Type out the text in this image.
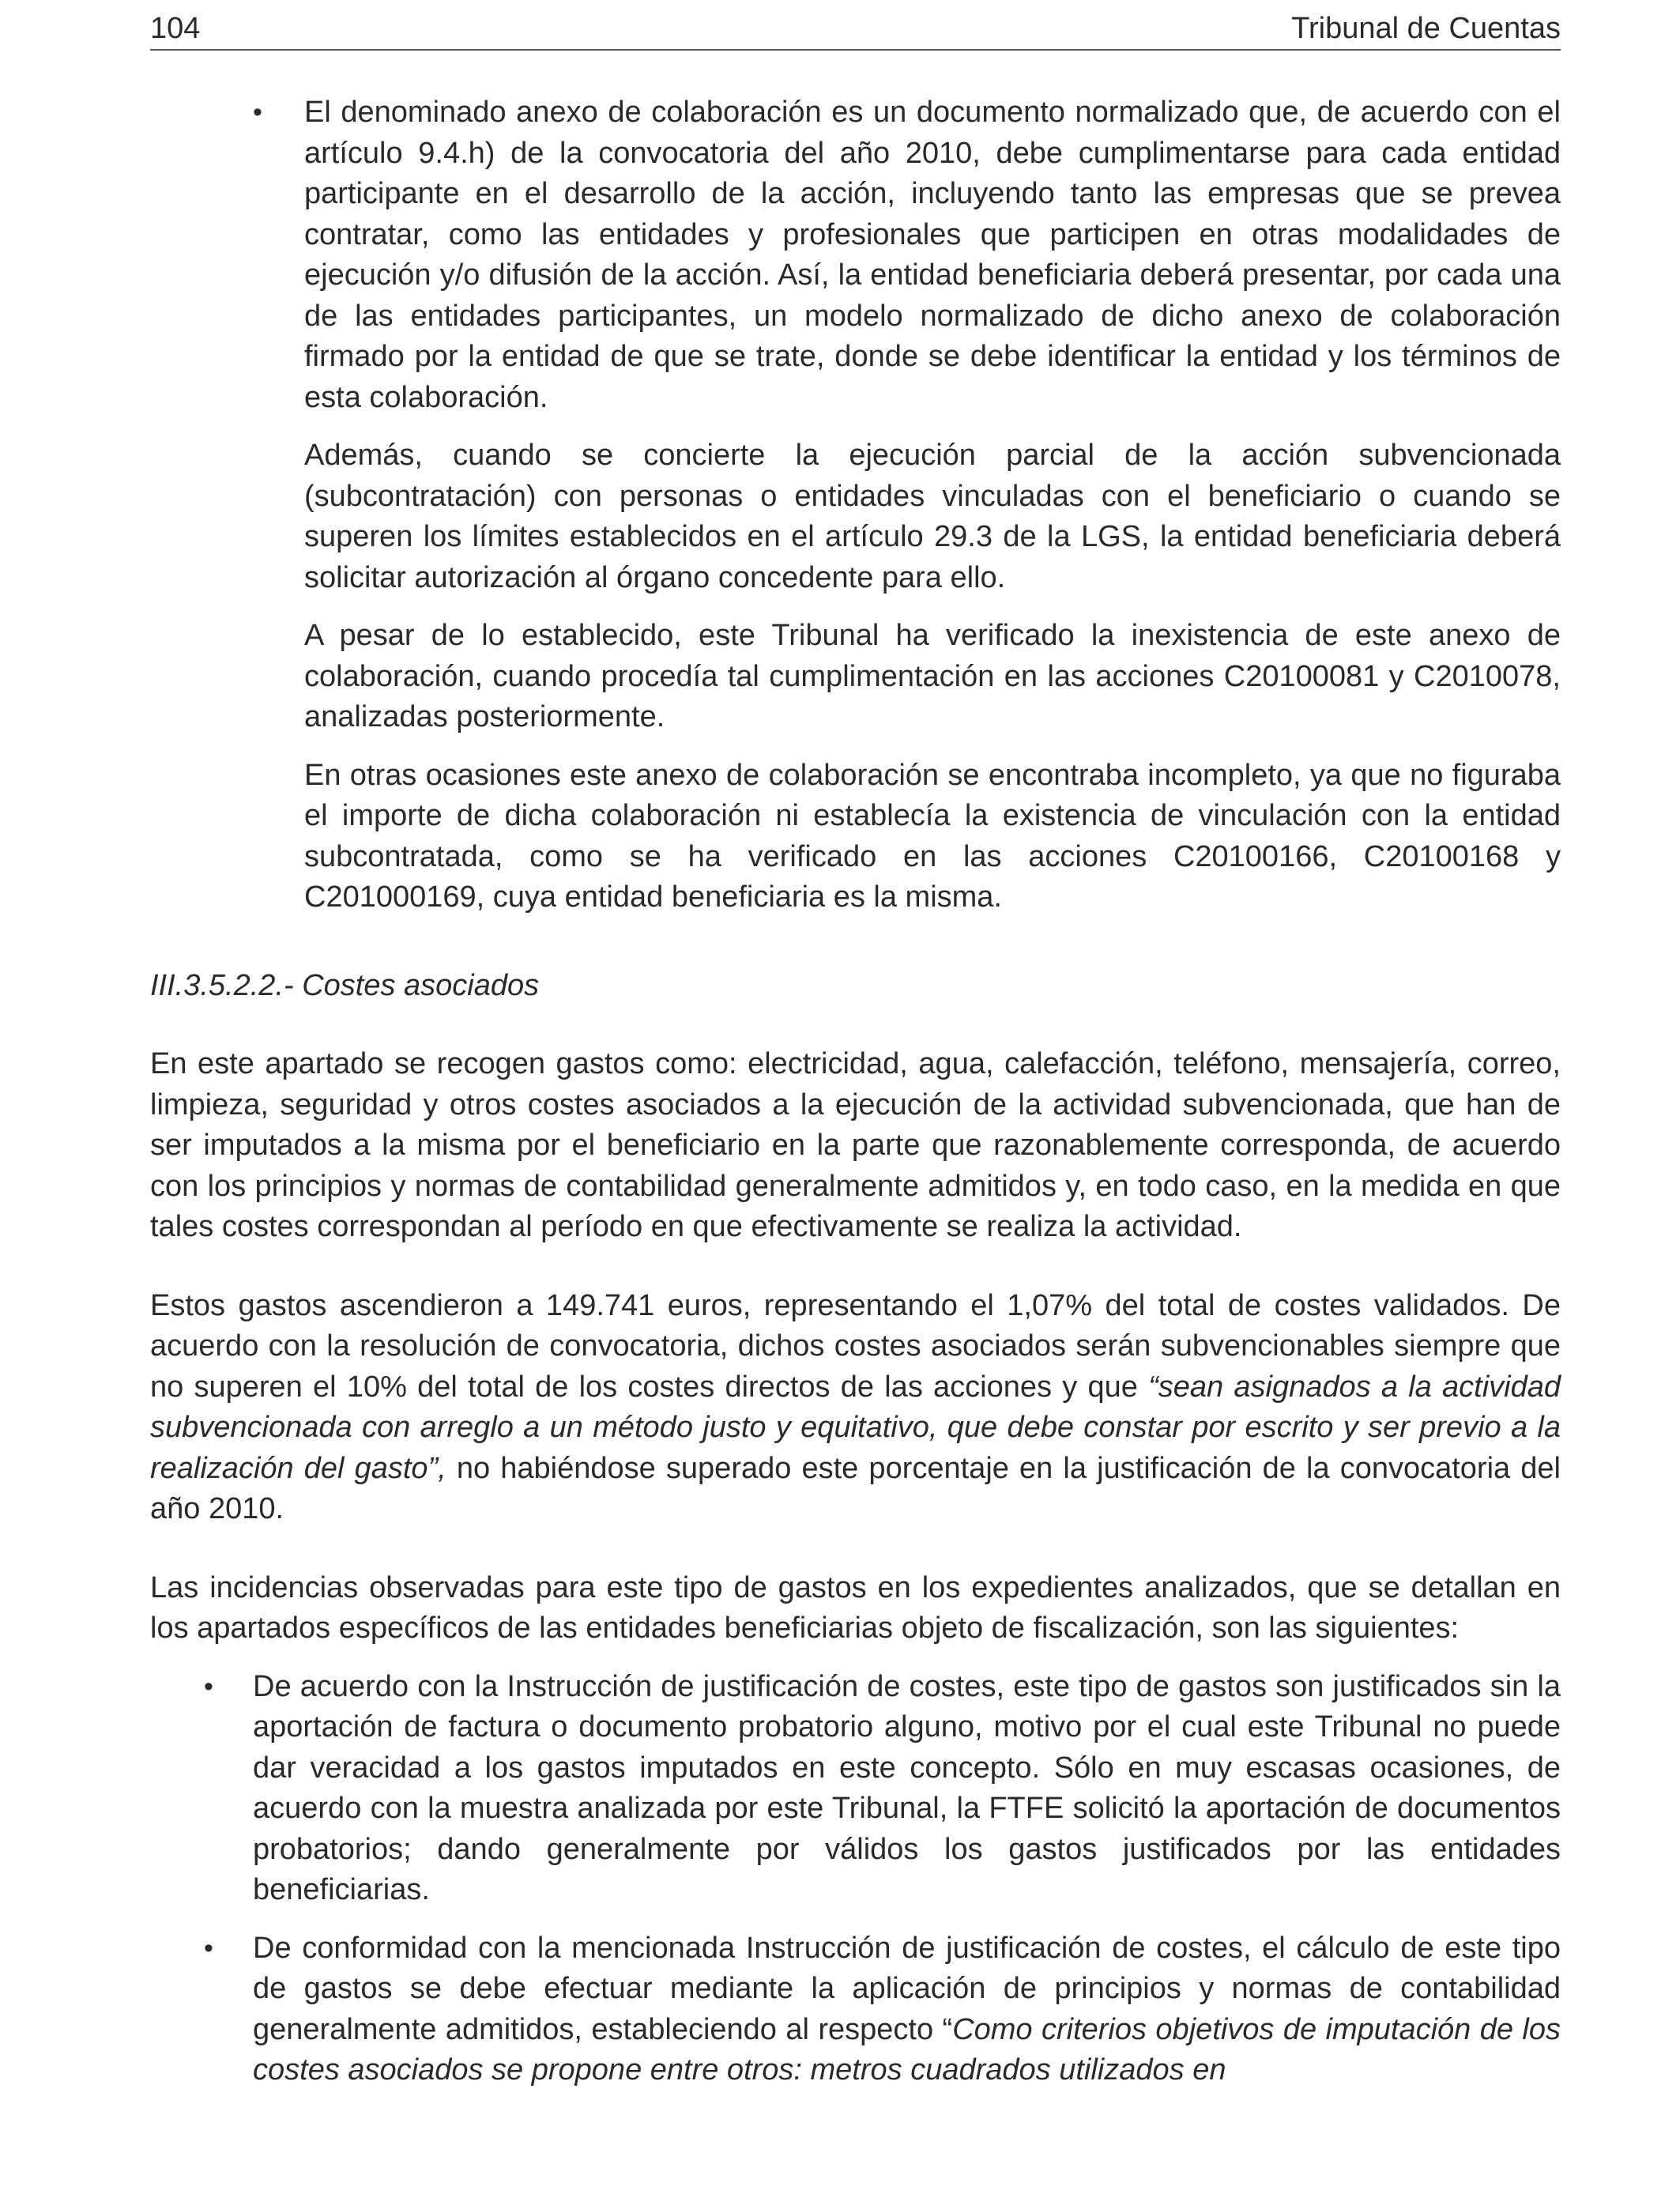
104	Tribunal de Cuentas
• El denominado anexo de colaboración es un documento normalizado que, de acuerdo con el artículo 9.4.h) de la convocatoria del año 2010, debe cumplimentarse para cada entidad participante en el desarrollo de la acción, incluyendo tanto las empresas que se prevea contratar, como las entidades y profesionales que participen en otras modalidades de ejecución y/o difusión de la acción. Así, la entidad beneficiaria deberá presentar, por cada una de las entidades participantes, un modelo normalizado de dicho anexo de colaboración firmado por la entidad de que se trate, donde se debe identificar la entidad y los términos de esta colaboración.

Además, cuando se concierte la ejecución parcial de la acción subvencionada (subcontratación) con personas o entidades vinculadas con el beneficiario o cuando se superen los límites establecidos en el artículo 29.3 de la LGS, la entidad beneficiaria deberá solicitar autorización al órgano concedente para ello.

A pesar de lo establecido, este Tribunal ha verificado la inexistencia de este anexo de colaboración, cuando procedía tal cumplimentación en las acciones C20100081 y C2010078, analizadas posteriormente.

En otras ocasiones este anexo de colaboración se encontraba incompleto, ya que no figuraba el importe de dicha colaboración ni establecía la existencia de vinculación con la entidad subcontratada, como se ha verificado en las acciones C20100166, C20100168 y C201000169, cuya entidad beneficiaria es la misma.

III.3.5.2.2.- Costes asociados

En este apartado se recogen gastos como: electricidad, agua, calefacción, teléfono, mensajería, correo, limpieza, seguridad y otros costes asociados a la ejecución de la actividad subvencionada, que han de ser imputados a la misma por el beneficiario en la parte que razonablemente corresponda, de acuerdo con los principios y normas de contabilidad generalmente admitidos y, en todo caso, en la medida en que tales costes correspondan al período en que efectivamente se realiza la actividad.

Estos gastos ascendieron a 149.741 euros, representando el 1,07% del total de costes validados. De acuerdo con la resolución de convocatoria, dichos costes asociados serán subvencionables siempre que no superen el 10% del total de los costes directos de las acciones y que “sean asignados a la actividad subvencionada con arreglo a un método justo y equitativo, que debe constar por escrito y ser previo a la realización del gasto”, no habiéndose superado este porcentaje en la justificación de la convocatoria del año 2010.

Las incidencias observadas para este tipo de gastos en los expedientes analizados, que se detallan en los apartados específicos de las entidades beneficiarias objeto de fiscalización, son las siguientes:

• De acuerdo con la Instrucción de justificación de costes, este tipo de gastos son justificados sin la aportación de factura o documento probatorio alguno, motivo por el cual este Tribunal no puede dar veracidad a los gastos imputados en este concepto. Sólo en muy escasas ocasiones, de acuerdo con la muestra analizada por este Tribunal, la FTFE solicitó la aportación de documentos probatorios; dando generalmente por válidos los gastos justificados por las entidades beneficiarias.

• De conformidad con la mencionada Instrucción de justificación de costes, el cálculo de este tipo de gastos se debe efectuar mediante la aplicación de principios y normas de contabilidad generalmente admitidos, estableciendo al respecto “Como criterios objetivos de imputación de los costes asociados se propone entre otros: metros cuadrados utilizados en
